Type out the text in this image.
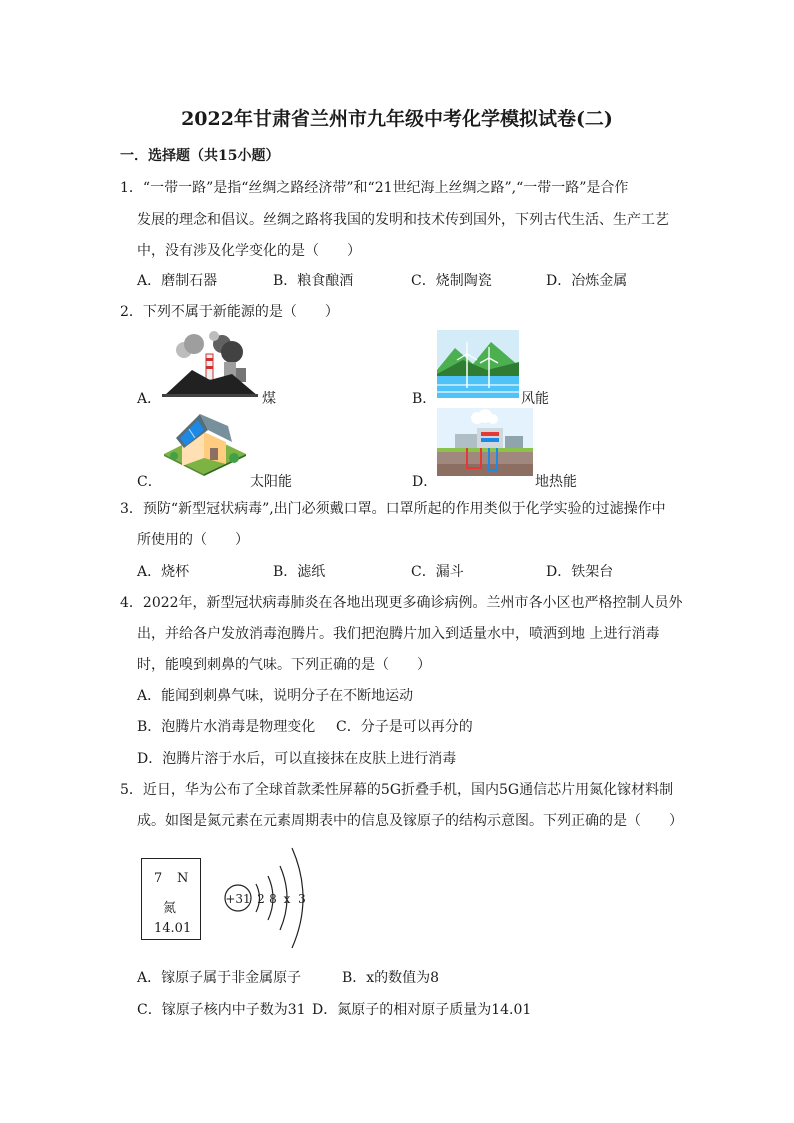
2022年甘肃省兰州市九年级中考化学模拟试卷(二)
一．选择题（共15小题）
1．“一带一路”是指“丝绸之路经济带”和“21世纪海上丝绸之路”,“一带一路”是合作
发展的理念和倡议。丝绸之路将我国的发明和技术传到国外，下列古代生活、生产工艺
中，没有涉及化学变化的是（　　）
A．磨制石器	B．粮食酿酒	C．烧制陶瓷	D．冶炼金属
2．下列不属于新能源的是（　　）
A．	煤	B．	风能
C．	太阳能	D．	地热能
3．预防“新型冠状病毒”,出门必须戴口罩。口罩所起的作用类似于化学实验的过滤操作中
所使用的（　　）
A．烧杯	B．滤纸	C．漏斗	D．铁架台
4．2022年，新型冠状病毒肺炎在各地出现更多确诊病例。兰州市各小区也严格控制人员外
出，并给各户发放消毒泡腾片。我们把泡腾片加入到适量水中，喷洒到地 上进行消毒
时，能嗅到刺鼻的气味。下列正确的是（　　）
A．能闻到刺鼻气味，说明分子在不断地运动
B．泡腾片水消毒是物理变化 C．分子是可以再分的
D．泡腾片溶于水后，可以直接抹在皮肤上进行消毒
5．近日，华为公布了全球首款柔性屏幕的5G折叠手机，国内5G通信芯片用氮化镓材料制
成。如图是氮元素在元素周期表中的信息及镓原子的结构示意图。下列正确的是（　　）
7 N
氮
14.01
+31 2 8 x 3
A．镓原子属于非金属原子	B．x的数值为8
C．镓原子核内中子数为31 D．氮原子的相对原子质量为14.01
